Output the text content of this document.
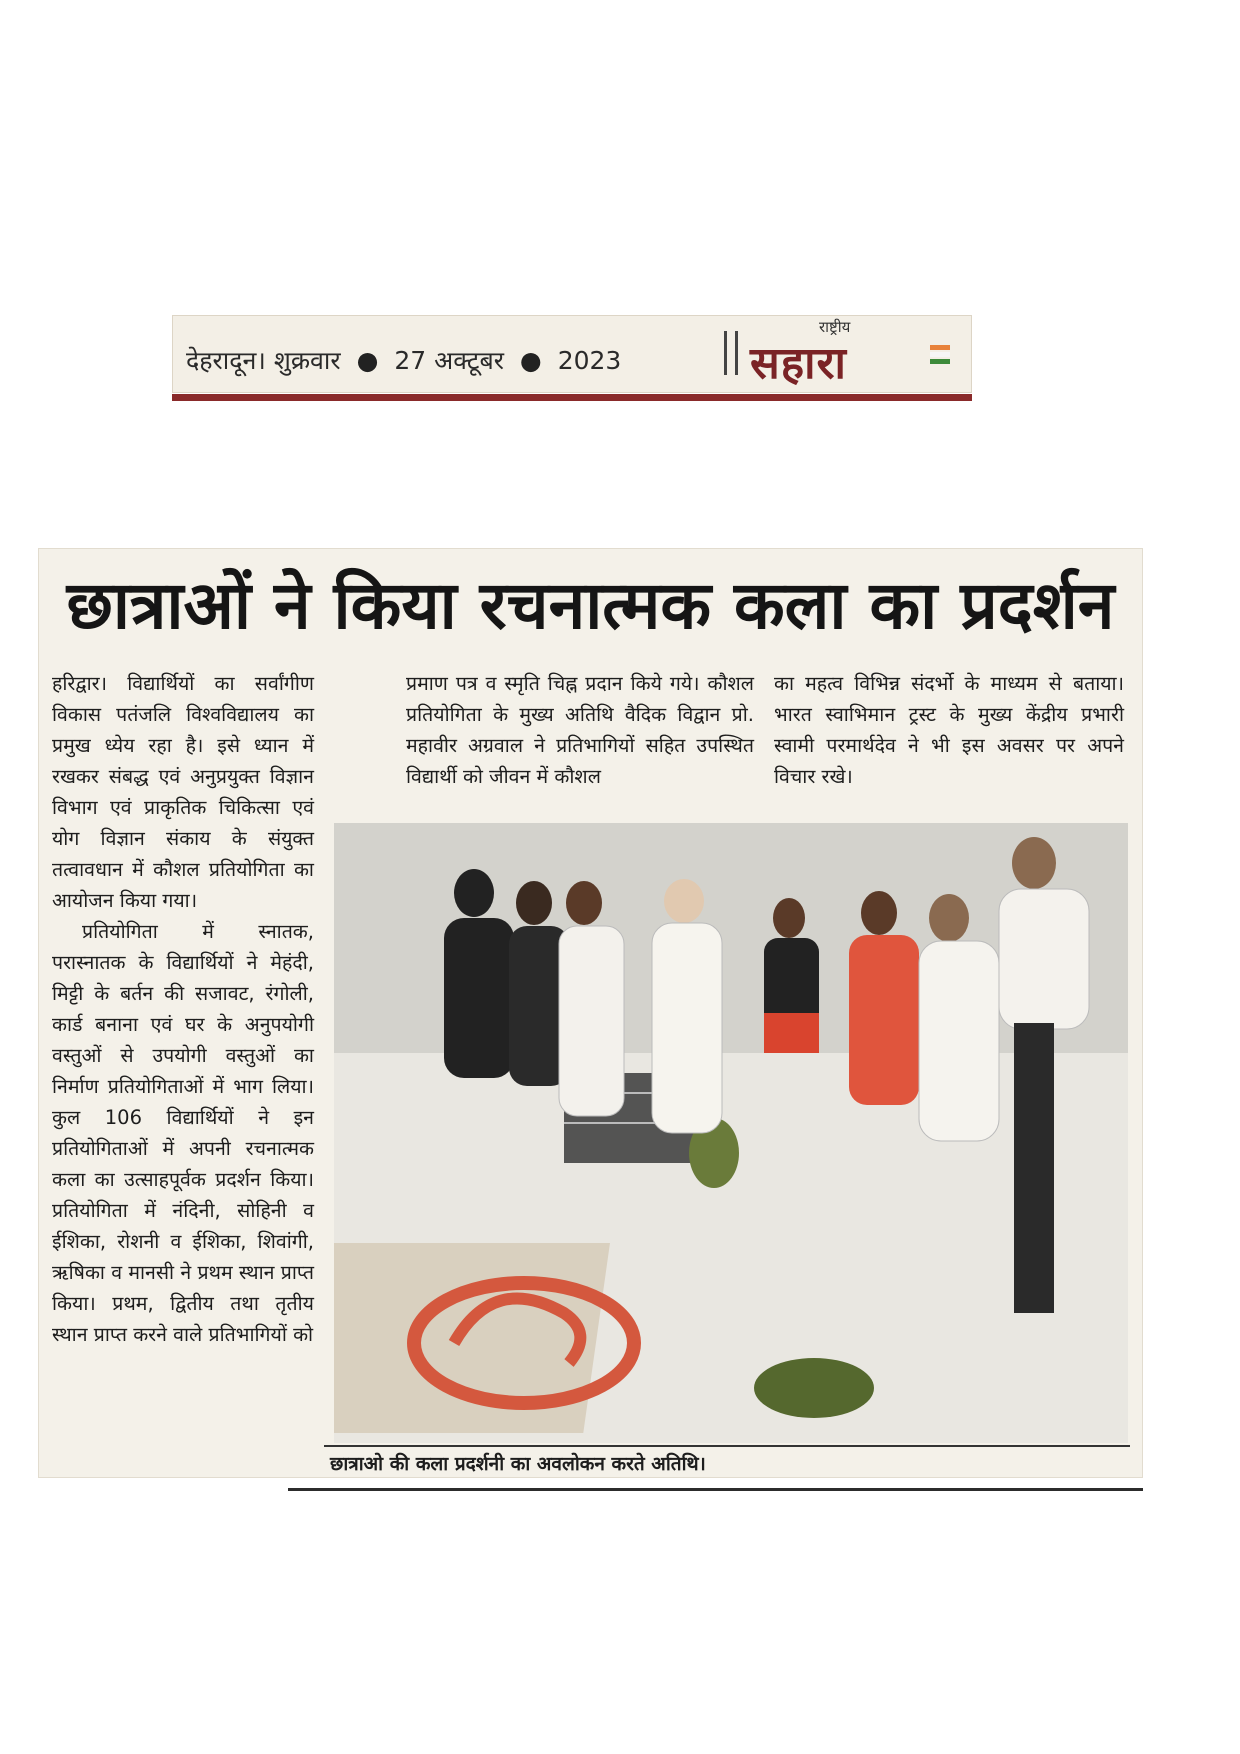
देहरादून। शुक्रवार ● 27 अक्टूबर ● 2023
राष्ट्रीय
सहारा
छात्राओं ने किया रचनात्मक कला का प्रदर्शन

हरिद्वार। विद्यार्थियों का सर्वांगीण विकास पतंजलि विश्वविद्यालय का प्रमुख ध्येय रहा है। इसे ध्यान में रखकर संबद्ध एवं अनुप्रयुक्त विज्ञान विभाग एवं प्राकृतिक चिकित्सा एवं योग विज्ञान संकाय के संयुक्त तत्वावधान में कौशल प्रतियोगिता का आयोजन किया गया।

प्रतियोगिता में स्नातक, परास्नातक के विद्यार्थियों ने मेहंदी, मिट्टी के बर्तन की सजावट, रंगोली, कार्ड बनाना एवं घर के अनुपयोगी वस्तुओं से उपयोगी वस्तुओं का निर्माण प्रतियोगिताओं में भाग लिया। कुल 106 विद्यार्थियों ने इन प्रतियोगिताओं में अपनी रचनात्मक कला का उत्साहपूर्वक प्रदर्शन किया। प्रतियोगिता में नंदिनी, सोहिनी व ईशिका, रोशनी व ईशिका, शिवांगी, ऋषिका व मानसी ने प्रथम स्थान प्राप्त किया। प्रथम, द्वितीय तथा तृतीय स्थान प्राप्त करने वाले प्रतिभागियों को

प्रमाण पत्र व स्मृति चिह्न प्रदान किये गये। कौशल प्रतियोगिता के मुख्य अतिथि वैदिक विद्वान प्रो. महावीर अग्रवाल ने प्रतिभागियों सहित उपस्थित विद्यार्थी को जीवन में कौशल

का महत्व विभिन्न संदर्भो के माध्यम से बताया। भारत स्वाभिमान ट्रस्ट के मुख्य केंद्रीय प्रभारी स्वामी परमार्थदेव ने भी इस अवसर पर अपने विचार रखे।

छात्राओ की कला प्रदर्शनी का अवलोकन करते अतिथि।
